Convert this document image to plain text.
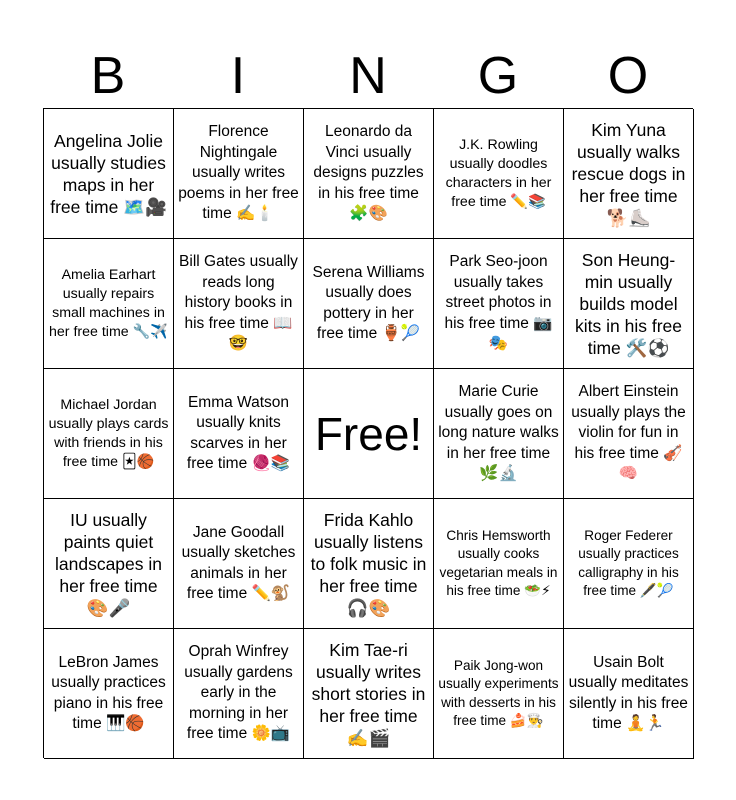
B	I	N	G	O
Angelina Jolie usually studies maps in her free time 🗺️🎥
Florence Nightingale usually writes poems in her free time ✍️🕯️
Leonardo da Vinci usually designs puzzles in his free time 🧩🎨
J.K. Rowling usually doodles characters in her free time ✏️📚
Kim Yuna usually walks rescue dogs in her free time 🐕⛸️
Amelia Earhart usually repairs small machines in her free time 🔧✈️
Bill Gates usually reads long history books in his free time 📖🤓
Serena Williams usually does pottery in her free time 🏺🎾
Park Seo-joon usually takes street photos in his free time 📷🎭
Son Heung-min usually builds model kits in his free time 🛠️⚽
Michael Jordan usually plays cards with friends in his free time 🃏🏀
Emma Watson usually knits scarves in her free time 🧶📚
Free!
Marie Curie usually goes on long nature walks in her free time 🌿🔬
Albert Einstein usually plays the violin for fun in his free time 🎻🧠
IU usually paints quiet landscapes in her free time 🎨🎤
Jane Goodall usually sketches animals in her free time ✏️🐒
Frida Kahlo usually listens to folk music in her free time 🎧🎨
Chris Hemsworth usually cooks vegetarian meals in his free time 🥗⚡
Roger Federer usually practices calligraphy in his free time 🖋️🎾
LeBron James usually practices piano in his free time 🎹🏀
Oprah Winfrey usually gardens early in the morning in her free time 🌼📺
Kim Tae-ri usually writes short stories in her free time ✍️🎬
Paik Jong-won usually experiments with desserts in his free time 🍰👨‍🍳
Usain Bolt usually meditates silently in his free time 🧘🏃
